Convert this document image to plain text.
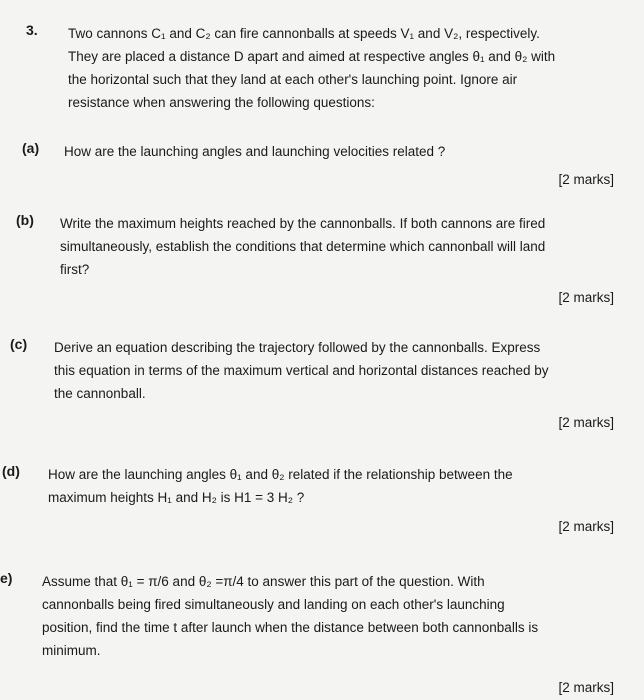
3. Two cannons C₁ and C₂ can fire cannonballs at speeds V₁ and V₂, respectively.
They are placed a distance D apart and aimed at respective angles θ₁ and θ₂ with
the horizontal such that they land at each other's launching point. Ignore air
resistance when answering the following questions:
(a) How are the launching angles and launching velocities related ?
[2 marks]
(b) Write the maximum heights reached by the cannonballs. If both cannons are fired
simultaneously, establish the conditions that determine which cannonball will land
first?
[2 marks]
(c) Derive an equation describing the trajectory followed by the cannonballs. Express
this equation in terms of the maximum vertical and horizontal distances reached by
the cannonball.
[2 marks]
(d) How are the launching angles θ₁ and θ₂ related if the relationship between the
maximum heights H₁ and H₂ is H1 = 3 H₂ ?
[2 marks]
e) Assume that θ₁ = π/6 and θ₂ =π/4 to answer this part of the question. With
cannonballs being fired simultaneously and landing on each other's launching
position, find the time t after launch when the distance between both cannonballs is
minimum.
[2 marks]
